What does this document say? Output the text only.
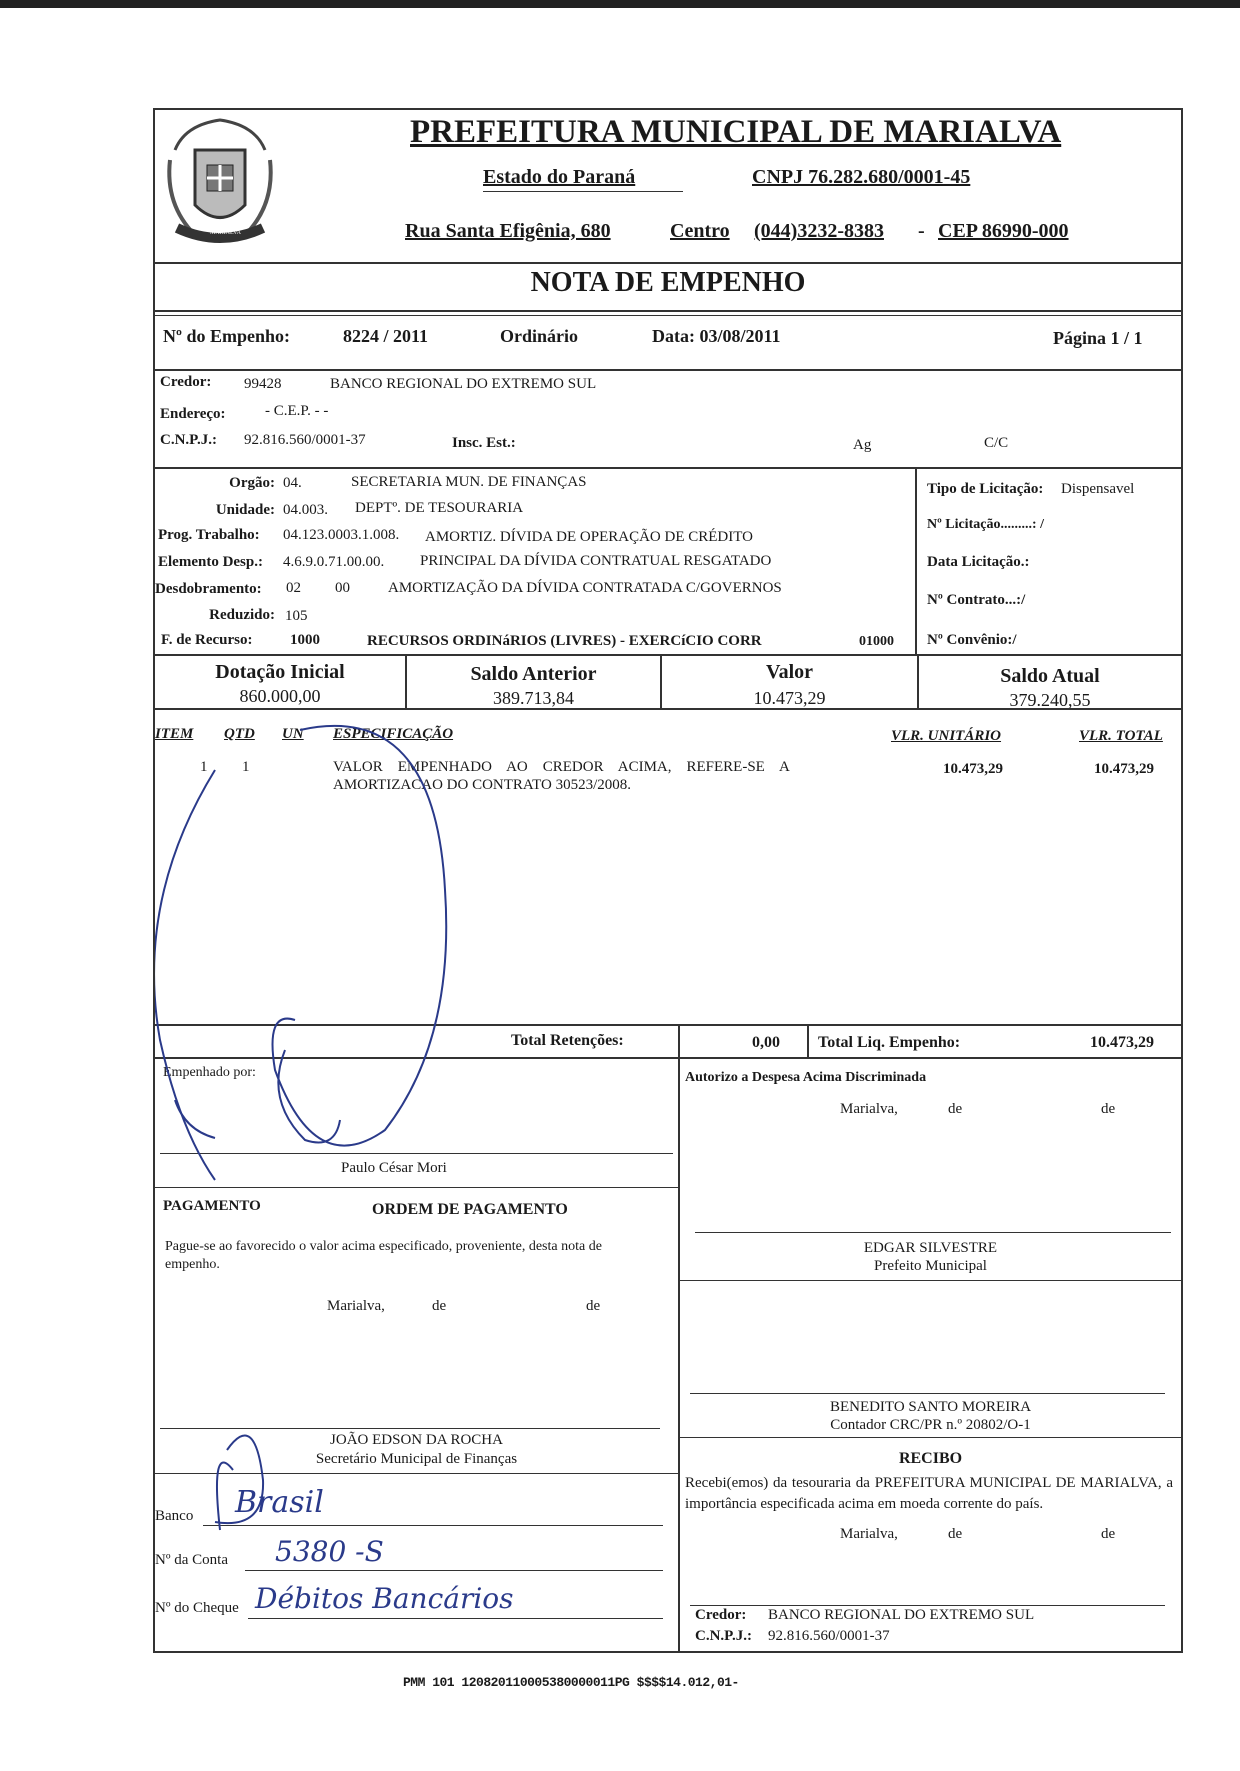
MARIALVA
PREFEITURA MUNICIPAL DE MARIALVA
Estado do Paraná	CNPJ 76.282.680/0001-45
Rua Santa Efigênia, 680	Centro (044)3232-8383 - CEP 86990-000
NOTA DE EMPENHO
Nº do Empenho:	8224 / 2011	Ordinário	Data: 03/08/2011	Página 1 / 1
Credor: 99428	BANCO REGIONAL DO EXTREMO SUL
Endereço:	- C.E.P. - -
C.N.P.J.: 92.816.560/0001-37	Insc. Est.:	Ag	C/C
Orgão: 04.	SECRETARIA MUN. DE FINANÇAS
Unidade: 04.003. DEPTº. DE TESOURARIA
Prog. Trabalho: 04.123.0003.1.008. AMORTIZ. DÍVIDA DE OPERAÇÃO DE CRÉDITO
Elemento Desp.: 4.6.9.0.71.00.00. PRINCIPAL DA DÍVIDA CONTRATUAL RESGATADO
Desdobramento: 02 00	AMORTIZAÇÃO DA DÍVIDA CONTRATADA C/GOVERNOS
Reduzido: 105
F. de Recurso: 1000	RECURSOS ORDINáRIOS (LIVRES) - EXERCíCIO CORR	01000
Tipo de Licitação: Dispensavel
Nº Licitação.........: /
Data Licitação.:
Nº Contrato...:/
Nº Convênio:/
Dotação Inicial
860.000,00
Saldo Anterior
389.713,84
Valor
10.473,29
Saldo Atual
379.240,55
ITEM QTD UN ESPECIFICAÇÃO	VLR. UNITÁRIO	VLR. TOTAL
1 1	VALOR    EMPENHADO    AO    CREDOR    ACIMA,    REFERE-SE    A
AMORTIZACAO DO CONTRATO 30523/2008.
10.473,29	10.473,29
Total Retenções:	0,00 Total Liq. Empenho:	10.473,29
Empenhado por:
Paulo César Mori
Autorizo a Despesa Acima Discriminada
Marialva,	de	de
EDGAR SILVESTRE
Prefeito Municipal
PAGAMENTO	ORDEM DE PAGAMENTO
Pague-se ao favorecido o valor acima especificado, proveniente, desta nota de empenho.
Marialva,	de	de
JOÃO EDSON DA ROCHA
Secretário Municipal de Finanças
BENEDITO SANTO MOREIRA
Contador CRC/PR n.º 20802/O-1
RECIBO
Recebi(emos) da tesouraria da PREFEITURA MUNICIPAL DE MARIALVA, a importância especificada acima em moeda corrente do país.
Marialva,	de	de
Credor: BANCO REGIONAL DO EXTREMO SUL
C.N.P.J.: 92.816.560/0001-37
Banco Brasil
Nº da Conta 5380 -S
Nº do Cheque Débitos Bancários
PMM 101 120820110005380000011PG $$$$14.012,01-
